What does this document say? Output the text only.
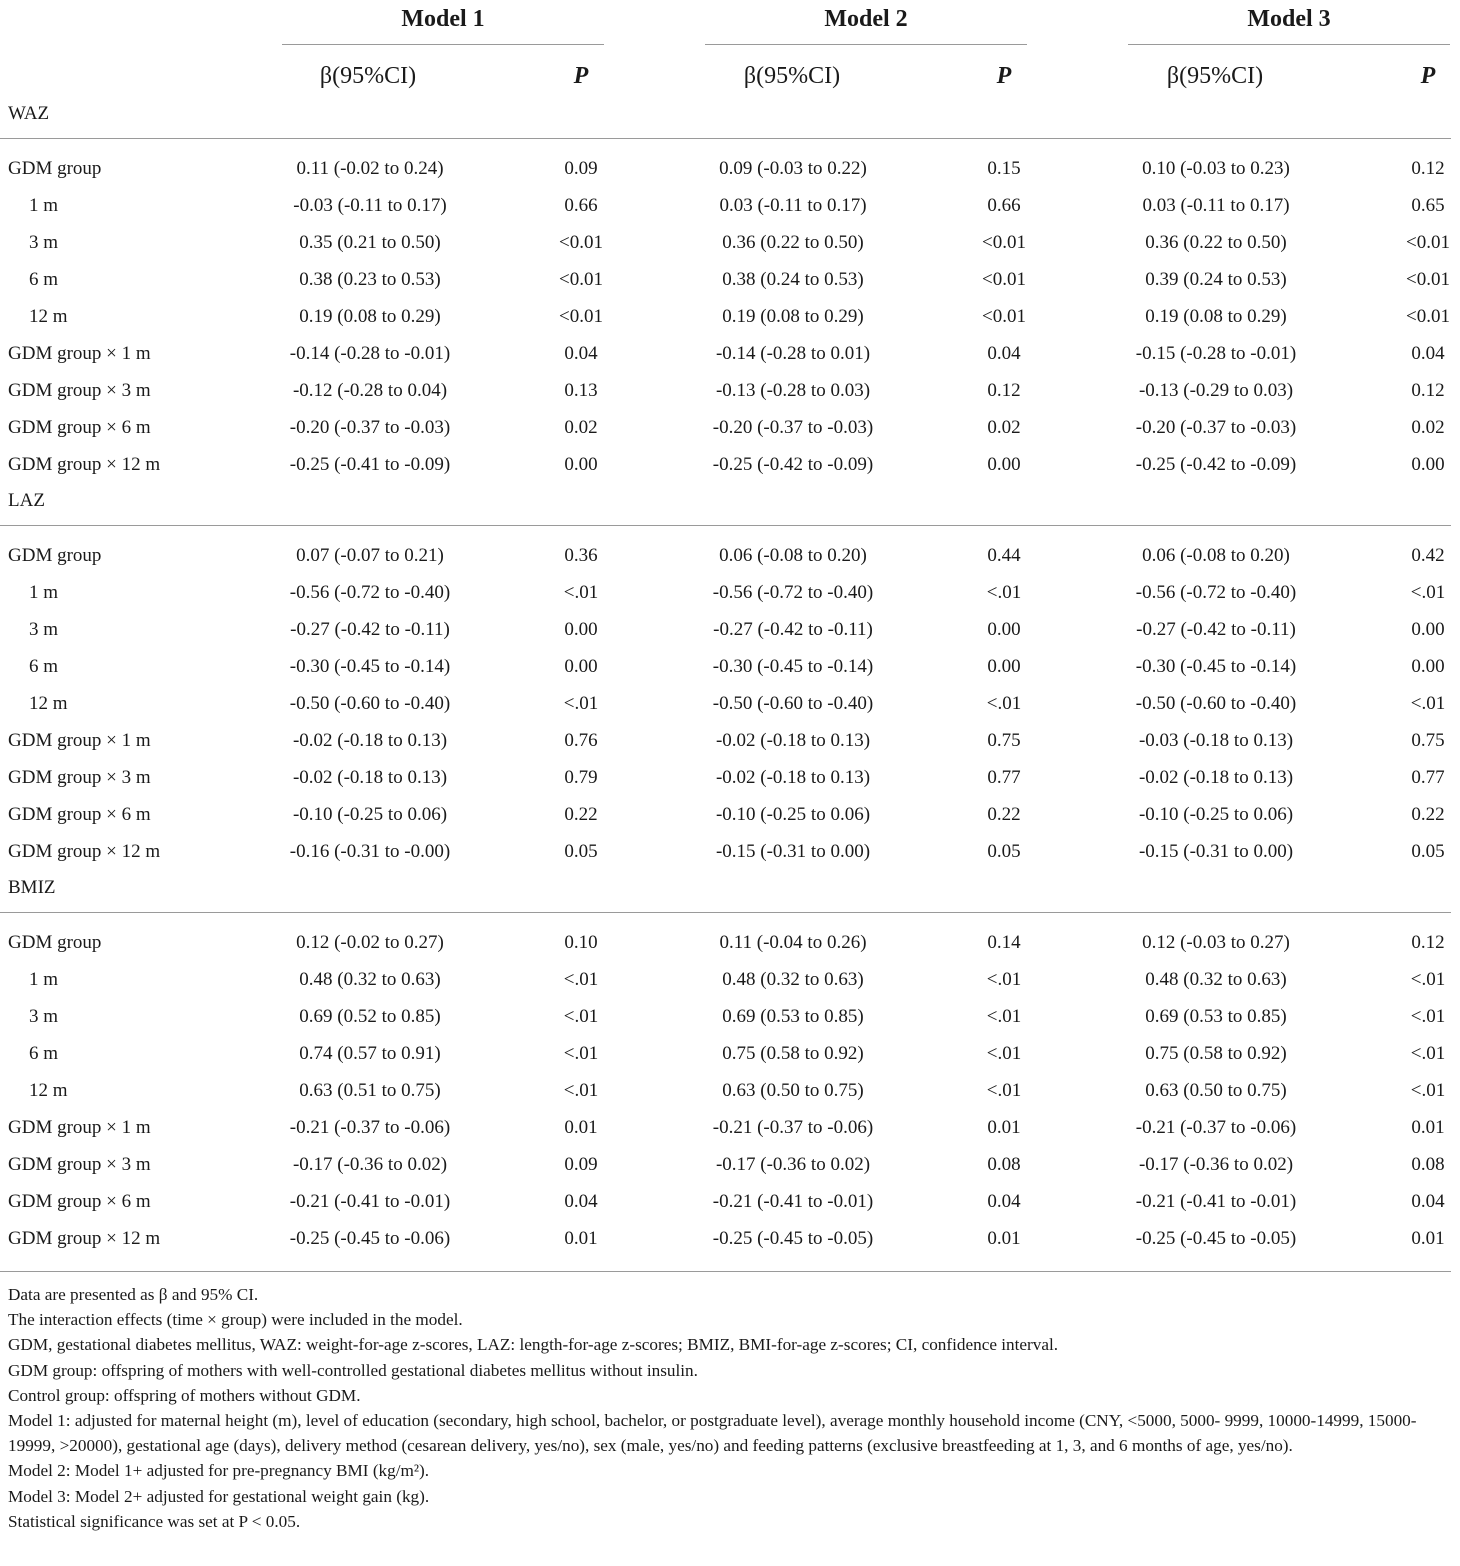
Model 1	Model 2	Model 3
β(95%CI)	P	β(95%CI)	P	β(95%CI)	P
WAZ
GDM group	0.11 (-0.02 to 0.24)	0.09	0.09 (-0.03 to 0.22)	0.15	0.10 (-0.03 to 0.23)	0.12
1 m	-0.03 (-0.11 to 0.17)	0.66	0.03 (-0.11 to 0.17)	0.66	0.03 (-0.11 to 0.17)	0.65
3 m	0.35 (0.21 to 0.50)	<0.01	0.36 (0.22 to 0.50)	<0.01	0.36 (0.22 to 0.50)	<0.01
6 m	0.38 (0.23 to 0.53)	<0.01	0.38 (0.24 to 0.53)	<0.01	0.39 (0.24 to 0.53)	<0.01
12 m	0.19 (0.08 to 0.29)	<0.01	0.19 (0.08 to 0.29)	<0.01	0.19 (0.08 to 0.29)	<0.01
GDM group × 1 m	-0.14 (-0.28 to -0.01)	0.04	-0.14 (-0.28 to 0.01)	0.04	-0.15 (-0.28 to -0.01)	0.04
GDM group × 3 m	-0.12 (-0.28 to 0.04)	0.13	-0.13 (-0.28 to 0.03)	0.12	-0.13 (-0.29 to 0.03)	0.12
GDM group × 6 m	-0.20 (-0.37 to -0.03)	0.02	-0.20 (-0.37 to -0.03)	0.02	-0.20 (-0.37 to -0.03)	0.02
GDM group × 12 m	-0.25 (-0.41 to -0.09)	0.00	-0.25 (-0.42 to -0.09)	0.00	-0.25 (-0.42 to -0.09)	0.00
LAZ
GDM group	0.07 (-0.07 to 0.21)	0.36	0.06 (-0.08 to 0.20)	0.44	0.06 (-0.08 to 0.20)	0.42
1 m	-0.56 (-0.72 to -0.40)	<.01	-0.56 (-0.72 to -0.40)	<.01	-0.56 (-0.72 to -0.40)	<.01
3 m	-0.27 (-0.42 to -0.11)	0.00	-0.27 (-0.42 to -0.11)	0.00	-0.27 (-0.42 to -0.11)	0.00
6 m	-0.30 (-0.45 to -0.14)	0.00	-0.30 (-0.45 to -0.14)	0.00	-0.30 (-0.45 to -0.14)	0.00
12 m	-0.50 (-0.60 to -0.40)	<.01	-0.50 (-0.60 to -0.40)	<.01	-0.50 (-0.60 to -0.40)	<.01
GDM group × 1 m	-0.02 (-0.18 to 0.13)	0.76	-0.02 (-0.18 to 0.13)	0.75	-0.03 (-0.18 to 0.13)	0.75
GDM group × 3 m	-0.02 (-0.18 to 0.13)	0.79	-0.02 (-0.18 to 0.13)	0.77	-0.02 (-0.18 to 0.13)	0.77
GDM group × 6 m	-0.10 (-0.25 to 0.06)	0.22	-0.10 (-0.25 to 0.06)	0.22	-0.10 (-0.25 to 0.06)	0.22
GDM group × 12 m	-0.16 (-0.31 to -0.00)	0.05	-0.15 (-0.31 to 0.00)	0.05	-0.15 (-0.31 to 0.00)	0.05
BMIZ
GDM group	0.12 (-0.02 to 0.27)	0.10	0.11 (-0.04 to 0.26)	0.14	0.12 (-0.03 to 0.27)	0.12
1 m	0.48 (0.32 to 0.63)	<.01	0.48 (0.32 to 0.63)	<.01	0.48 (0.32 to 0.63)	<.01
3 m	0.69 (0.52 to 0.85)	<.01	0.69 (0.53 to 0.85)	<.01	0.69 (0.53 to 0.85)	<.01
6 m	0.74 (0.57 to 0.91)	<.01	0.75 (0.58 to 0.92)	<.01	0.75 (0.58 to 0.92)	<.01
12 m	0.63 (0.51 to 0.75)	<.01	0.63 (0.50 to 0.75)	<.01	0.63 (0.50 to 0.75)	<.01
GDM group × 1 m	-0.21 (-0.37 to -0.06)	0.01	-0.21 (-0.37 to -0.06)	0.01	-0.21 (-0.37 to -0.06)	0.01
GDM group × 3 m	-0.17 (-0.36 to 0.02)	0.09	-0.17 (-0.36 to 0.02)	0.08	-0.17 (-0.36 to 0.02)	0.08
GDM group × 6 m	-0.21 (-0.41 to -0.01)	0.04	-0.21 (-0.41 to -0.01)	0.04	-0.21 (-0.41 to -0.01)	0.04
GDM group × 12 m	-0.25 (-0.45 to -0.06)	0.01	-0.25 (-0.45 to -0.05)	0.01	-0.25 (-0.45 to -0.05)	0.01
Data are presented as β and 95% CI.
The interaction effects (time × group) were included in the model.
GDM, gestational diabetes mellitus, WAZ: weight-for-age z-scores, LAZ: length-for-age z-scores; BMIZ, BMI-for-age z-scores; CI, confidence interval.
GDM group: offspring of mothers with well-controlled gestational diabetes mellitus without insulin.
Control group: offspring of mothers without GDM.
Model 1: adjusted for maternal height (m), level of education (secondary, high school, bachelor, or postgraduate level), average monthly household income (CNY, <5000, 5000- 9999, 10000-14999, 15000- 19999, >20000), gestational age (days), delivery method (cesarean delivery, yes/no), sex (male, yes/no) and feeding patterns (exclusive breastfeeding at 1, 3, and 6 months of age, yes/no).
Model 2: Model 1+ adjusted for pre-pregnancy BMI (kg/m²).
Model 3: Model 2+ adjusted for gestational weight gain (kg).
Statistical significance was set at P < 0.05.
